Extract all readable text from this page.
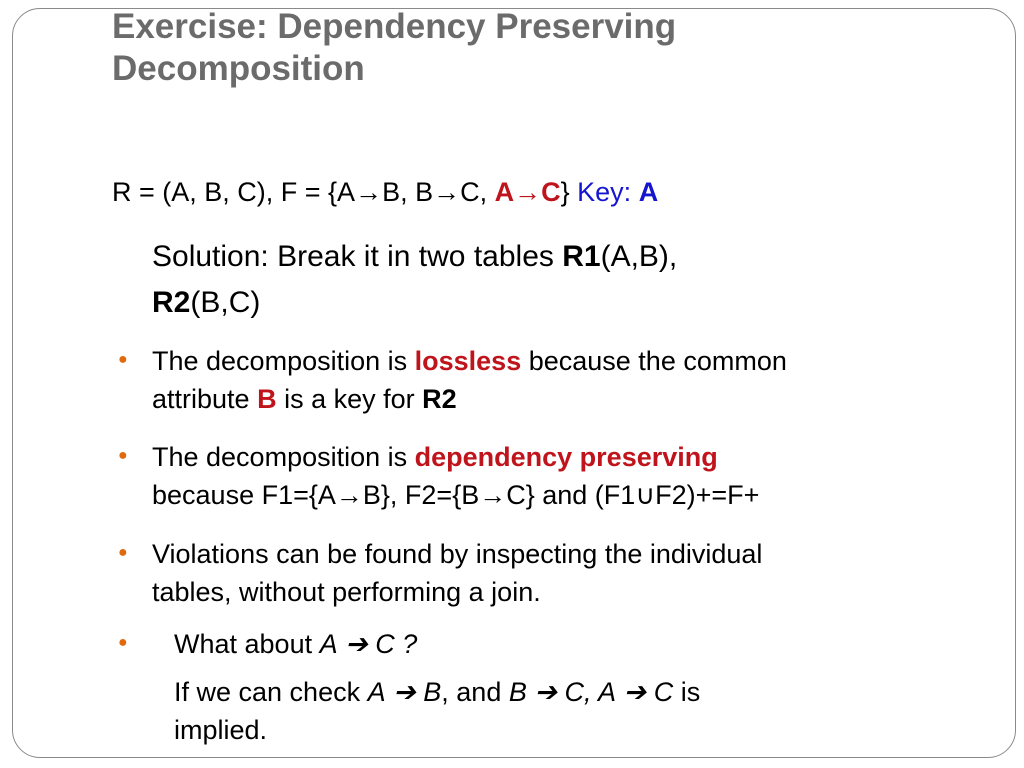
Exercise: Dependency Preserving
Decomposition
R = (A, B, C), F = {A→B, B→C, A→C} Key: A
Solution: Break it in two tables R1(A,B),
R2(B,C)
● The decomposition is lossless because the common
attribute B is a key for R2
● The decomposition is dependency preserving
because F1={A→B}, F2={B→C} and (F1∪F2)+=F+
● Violations can be found by inspecting the individual
tables, without performing a join.
● What about A ➔ C ?
If we can check A ➔ B, and B ➔ C, A ➔ C is
implied.
